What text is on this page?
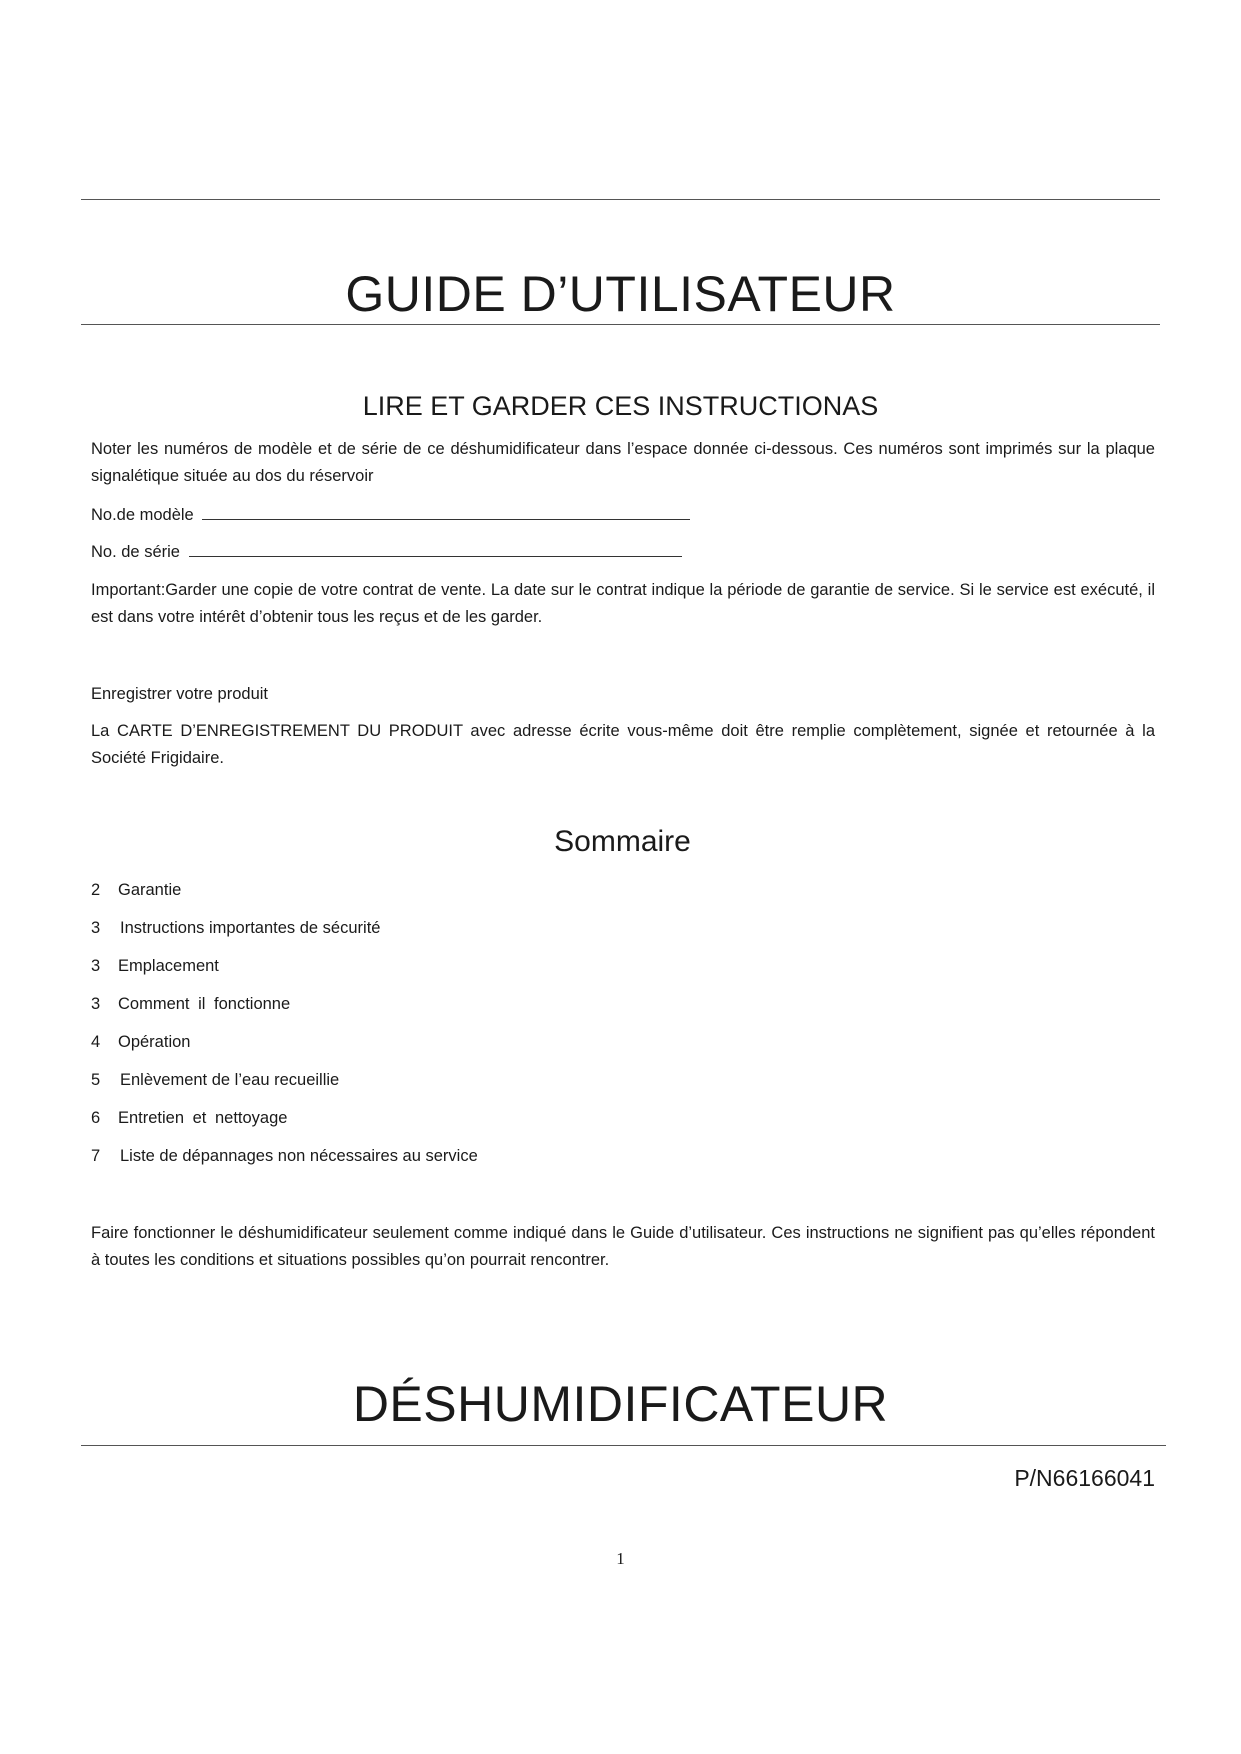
GUIDE D’UTILISATEUR
LIRE ET GARDER CES INSTRUCTIONAS

Noter les numéros de modèle et de série de ce déshumidificateur dans l’espace donnée ci-dessous. Ces numéros sont imprimés sur la plaque signalétique située au dos du réservoir

No.de modèle

No. de série

Important:Garder une copie de votre contrat de vente. La date sur le contrat indique la période de garantie de service. Si le service est exécuté, il est dans votre intérêt d’obtenir tous les reçus et de les garder.

Enregistrer votre produit

La CARTE D’ENREGISTREMENT DU PRODUIT avec adresse écrite vous-même doit être remplie complètement, signée et retournée à la Société Frigidaire.

Sommaire
2	Garantie
3	Instructions importantes de sécurité
3	Emplacement
3	Comment il fonctionne
4	Opération
5	Enlèvement de l’eau recueillie
6	Entretien et nettoyage
7	Liste de dépannages non nécessaires au service

Faire fonctionner le déshumidificateur seulement comme indiqué dans le Guide d’utilisateur. Ces instructions ne signifient pas qu’elles répondent à toutes les conditions et situations possibles qu’on pourrait rencontrer.

DÉSHUMIDIFICATEUR

P/N66166041

1
